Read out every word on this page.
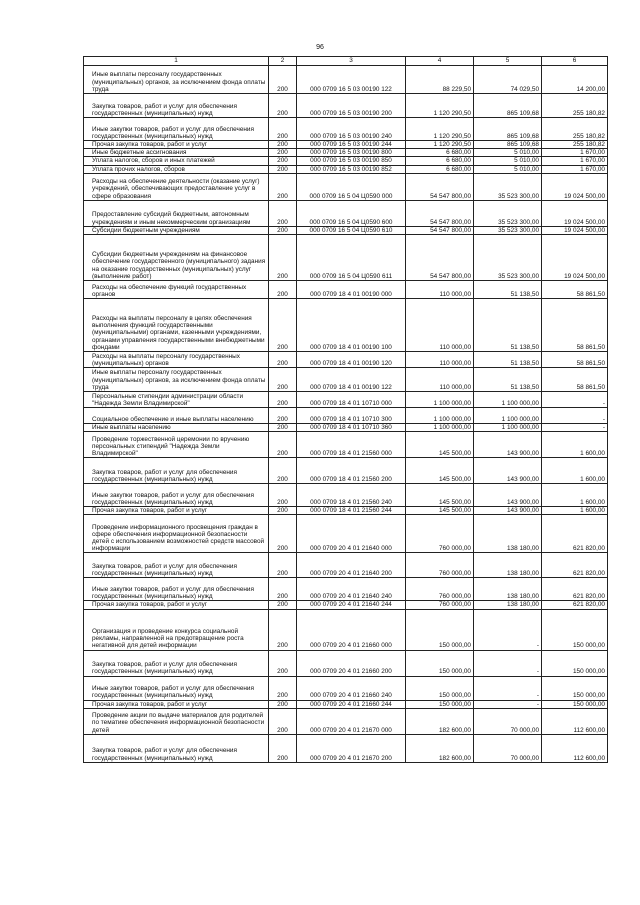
96
1	2	3	4	5	6

Иные выплаты персоналу государственных (муниципальных) органов, за исключением фонда оплаты труда	200	000 0709 16 5 03 00190 122	88 229,50	74 029,50	14 200,00

Закупка товаров, работ и услуг для обеспечения государственных (муниципальных) нужд	200	000 0709 16 5 03 00190 200	1 120 290,50	865 109,68	255 180,82

Иные закупки товаров, работ и услуг для обеспечения государственных (муниципальных) нужд	200	000 0709 16 5 03 00190 240	1 120 290,50	865 109,68	255 180,82

Прочая закупка товаров, работ и услуг	200	000 0709 16 5 03 00190 244	1 120 290,50	865 109,68	255 180,82

Иные бюджетные ассигнования	200	000 0709 16 5 03 00190 800	6 680,00	5 010,00	1 670,00

Уплата налогов, сборов и иных платежей	200	000 0709 16 5 03 00190 850	6 680,00	5 010,00	1 670,00

Уплата прочих налогов, сборов	200	000 0709 16 5 03 00190 852	6 680,00	5 010,00	1 670,00

Расходы на обеспечение деятельности (оказание услуг) учреждений, обеспечивающих предоставление услуг в сфере образования	200	000 0709 16 5 04 Ц0590 000	54 547 800,00	35 523 300,00	19 024 500,00

Предоставление субсидий бюджетным, автономным учреждениям и иным некоммерческим организациям	200	000 0709 16 5 04 Ц0590 600	54 547 800,00	35 523 300,00	19 024 500,00

Субсидии бюджетным учреждениям	200	000 0709 16 5 04 Ц0590 610	54 547 800,00	35 523 300,00	19 024 500,00

Субсидии бюджетным учреждениям на финансовое обеспечение государственного (муниципального) задания на оказание государственных (муниципальных) услуг (выполнение работ)	200	000 0709 16 5 04 Ц0590 611	54 547 800,00	35 523 300,00	19 024 500,00

Расходы на обеспечение функций государственных органов	200	000 0709 18 4 01 00190 000	110 000,00	51 138,50	58 861,50

Расходы на выплаты персоналу в целях обеспечения выполнения функций государственными (муниципальными) органами, казенными учреждениями, органами управления государственными внебюджетными фондами	200	000 0709 18 4 01 00190 100	110 000,00	51 138,50	58 861,50

Расходы на выплаты персоналу государственных (муниципальных) органов	200	000 0709 18 4 01 00190 120	110 000,00	51 138,50	58 861,50

Иные выплаты персоналу государственных (муниципальных) органов, за исключением фонда оплаты труда	200	000 0709 18 4 01 00190 122	110 000,00	51 138,50	58 861,50

Персональные стипендии администрации области "Надежда Земли Владимирской"	200	000 0709 18 4 01 10710 000	1 100 000,00	1 100 000,00	-

Социальное обеспечение и иные выплаты населению	200	000 0709 18 4 01 10710 300	1 100 000,00	1 100 000,00	-

Иные выплаты населению	200	000 0709 18 4 01 10710 360	1 100 000,00	1 100 000,00	-

Проведение торжественной церемонии по вручению персональных стипендий "Надежда Земли Владимирской"	200	000 0709 18 4 01 21560 000	145 500,00	143 900,00	1 600,00

Закупка товаров, работ и услуг для обеспечения государственных (муниципальных) нужд	200	000 0709 18 4 01 21560 200	145 500,00	143 900,00	1 600,00

Иные закупки товаров, работ и услуг для обеспечения государственных (муниципальных) нужд	200	000 0709 18 4 01 21560 240	145 500,00	143 900,00	1 600,00

Прочая закупка товаров, работ и услуг	200	000 0709 18 4 01 21560 244	145 500,00	143 900,00	1 600,00

Проведение информационного просвещения граждан в сфере обеспечения информационной безопасности детей с использованием возможностей средств массовой информации	200	000 0709 20 4 01 21640 000	760 000,00	138 180,00	621 820,00

Закупка товаров, работ и услуг для обеспечения государственных (муниципальных) нужд	200	000 0709 20 4 01 21640 200	760 000,00	138 180,00	621 820,00

Иные закупки товаров, работ и услуг для обеспечения государственных (муниципальных) нужд	200	000 0709 20 4 01 21640 240	760 000,00	138 180,00	621 820,00

Прочая закупка товаров, работ и услуг	200	000 0709 20 4 01 21640 244	760 000,00	138 180,00	621 820,00

Организация и проведение конкурса социальной рекламы, направленной на предотвращение роста негативной для детей информации	200	000 0709 20 4 01 21660 000	150 000,00	-	150 000,00

Закупка товаров, работ и услуг для обеспечения государственных (муниципальных) нужд	200	000 0709 20 4 01 21660 200	150 000,00	-	150 000,00

Иные закупки товаров, работ и услуг для обеспечения государственных (муниципальных) нужд	200	000 0709 20 4 01 21660 240	150 000,00	-	150 000,00

Прочая закупка товаров, работ и услуг	200	000 0709 20 4 01 21660 244	150 000,00	-	150 000,00

Проведение акции по выдаче материалов для родителей по тематике обеспечения информационной безопасности детей	200	000 0709 20 4 01 21670 000	182 600,00	70 000,00	112 600,00

Закупка товаров, работ и услуг для обеспечения государственных (муниципальных) нужд	200	000 0709 20 4 01 21670 200	182 600,00	70 000,00	112 600,00
